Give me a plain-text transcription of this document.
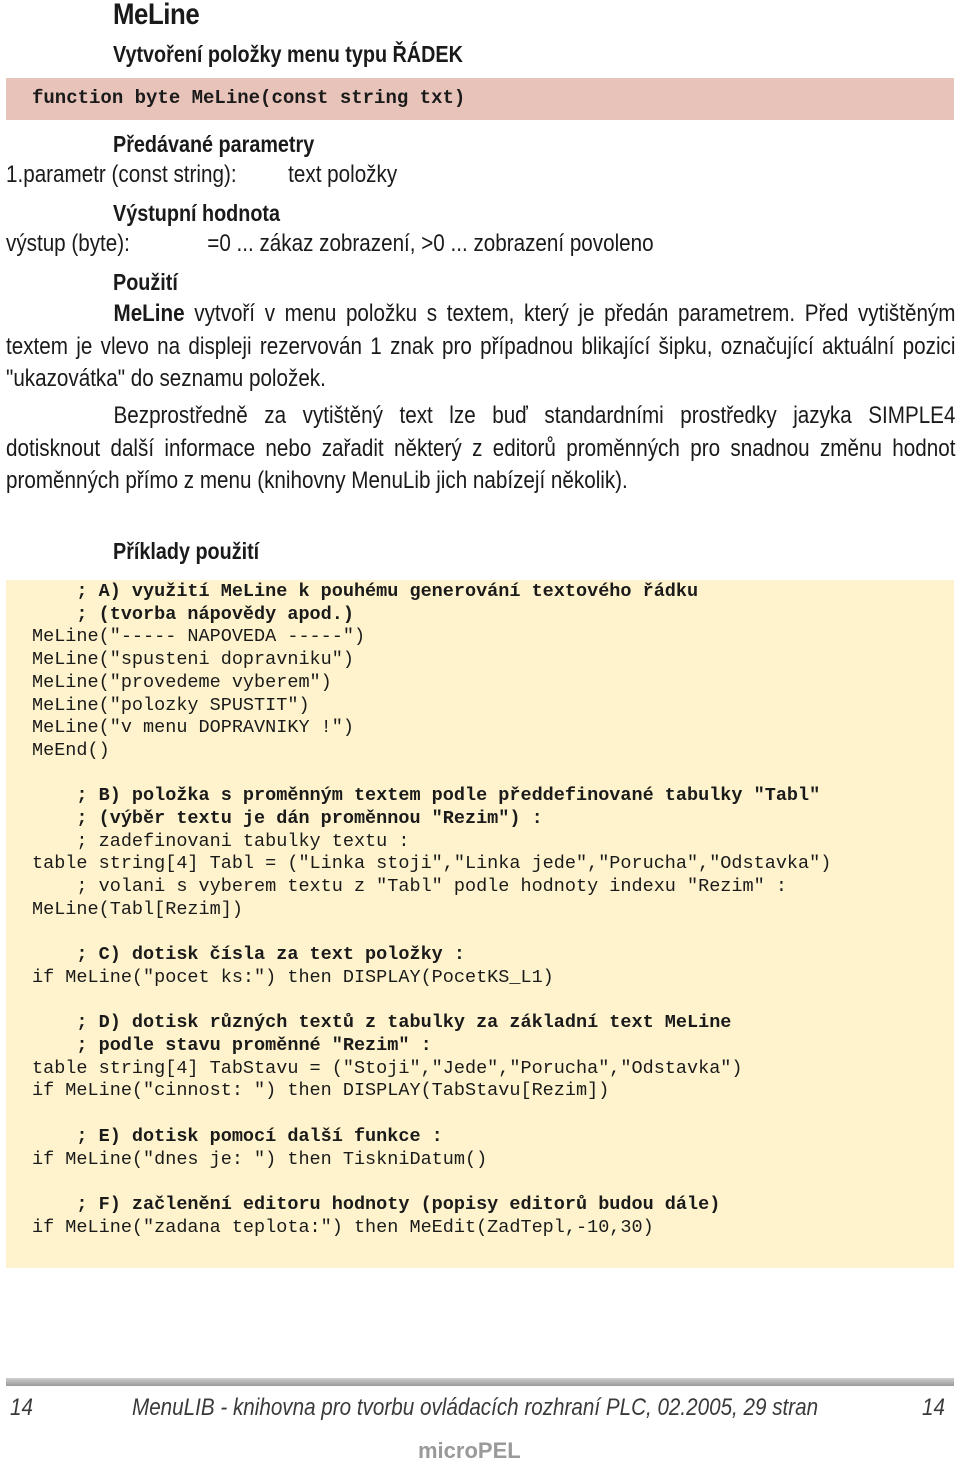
MeLine
Vytvoření položky menu typu ŘÁDEK
function byte MeLine(const string txt)
Předávané parametry
1.parametr (const string): text položky
Výstupní hodnota
výstup (byte):	=0 ... zákaz zobrazení, >0 ... zobrazení povoleno
Použití
MeLine vytvoří v menu položku s textem, který je předán parametrem. Před vytištěným textem je vlevo na displeji rezervován 1 znak pro případnou blikající šipku, označující aktuální pozici "ukazovátka" do seznamu položek.
Bezprostředně za vytištěný text lze buď standardními prostředky jazyka SIMPLE4 dotisknout další informace nebo zařadit některý z editorů proměnných pro snadnou změnu hodnot proměnných přímo z menu (knihovny MenuLib jich nabízejí několik).
Příklady použití
; A) využití MeLine k pouhému generování textového řádku
; (tvorba nápovědy apod.)
MeLine("----- NAPOVEDA -----")
MeLine("spusteni dopravniku")
MeLine("provedeme vyberem")
MeLine("polozky SPUSTIT")
MeLine("v menu DOPRAVNIKY !")
MeEnd()

; B) položka s proměnným textem podle předdefinované tabulky "Tabl"
; (výběr textu je dán proměnnou "Rezim") :
; zadefinovani tabulky textu :
table string[4] Tabl = ("Linka stoji","Linka jede","Porucha","Odstavka")
; volani s vyberem textu z "Tabl" podle hodnoty indexu "Rezim" :
MeLine(Tabl[Rezim])

; C) dotisk čísla za text položky :
if MeLine("pocet ks:") then DISPLAY(PocetKS_L1)

; D) dotisk různých textů z tabulky za základní text MeLine
; podle stavu proměnné "Rezim" :
table string[4] TabStavu = ("Stoji","Jede","Porucha","Odstavka")
if MeLine("cinnost: ") then DISPLAY(TabStavu[Rezim])

; E) dotisk pomocí další funkce :
if MeLine("dnes je: ") then TiskniDatum()

; F) začlenění editoru hodnoty (popisy editorů budou dále)
if MeLine("zadana teplota:") then MeEdit(ZadTepl,-10,30)

14	MenuLIB - knihovna pro tvorbu ovládacích rozhraní PLC, 02.2005, 29 stran	14
microPEL
